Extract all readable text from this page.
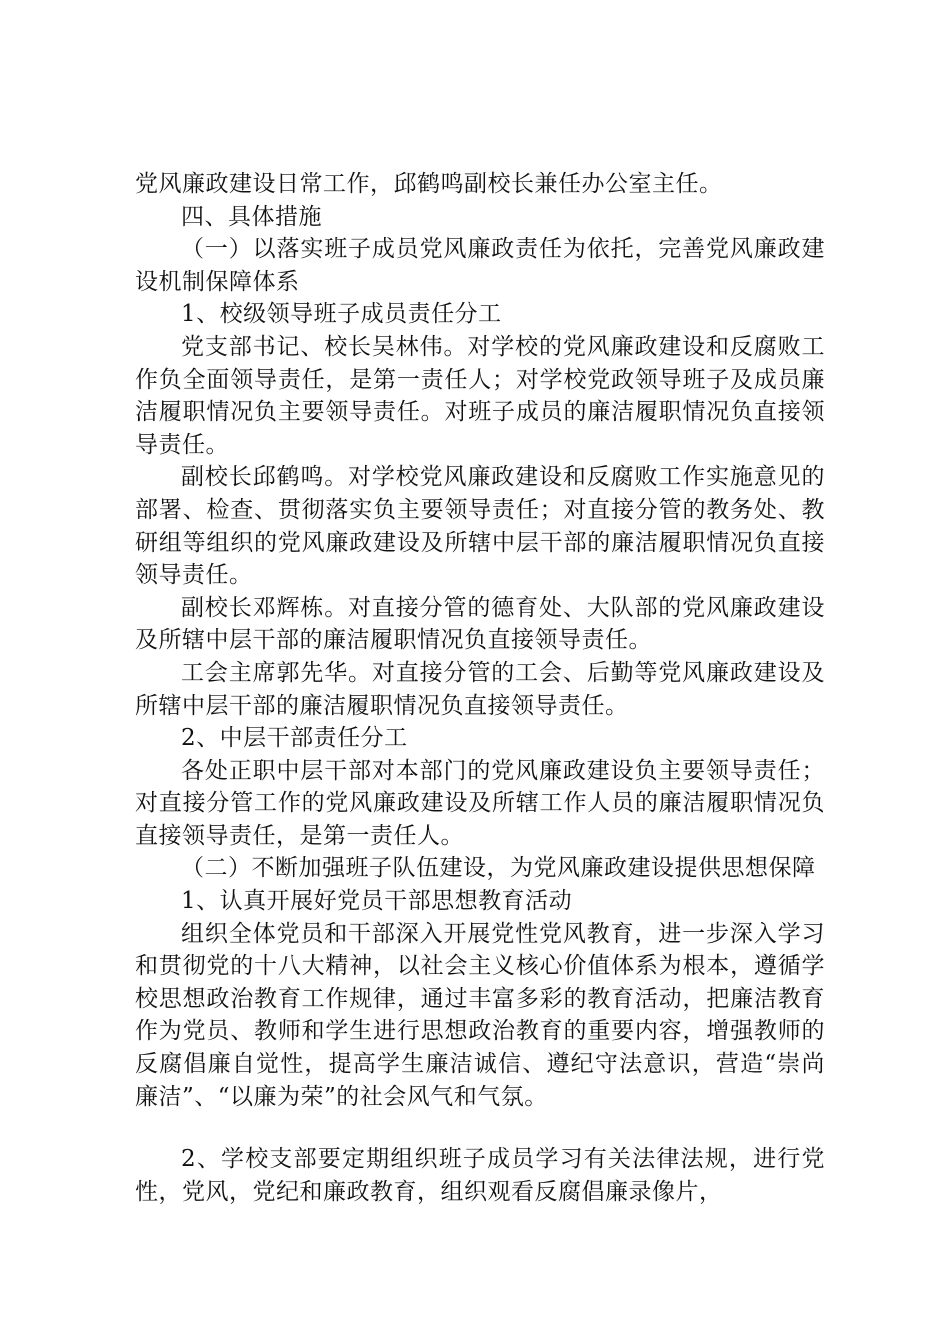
党风廉政建设日常工作，邱鹤鸣副校长兼任办公室主任。

四、具体措施

（一）以落实班子成员党风廉政责任为依托，完善党风廉政建设机制保障体系

1、校级领导班子成员责任分工

党支部书记、校长吴林伟。对学校的党风廉政建设和反腐败工作负全面领导责任，是第一责任人；对学校党政领导班子及成员廉洁履职情况负主要领导责任。对班子成员的廉洁履职情况负直接领导责任。

副校长邱鹤鸣。对学校党风廉政建设和反腐败工作实施意见的部署、检查、贯彻落实负主要领导责任；对直接分管的教务处、教研组等组织的党风廉政建设及所辖中层干部的廉洁履职情况负直接领导责任。

副校长邓辉栋。对直接分管的德育处、大队部的党风廉政建设及所辖中层干部的廉洁履职情况负直接领导责任。

工会主席郭先华。对直接分管的工会、后勤等党风廉政建设及所辖中层干部的廉洁履职情况负直接领导责任。

2、中层干部责任分工

各处正职中层干部对本部门的党风廉政建设负主要领导责任；对直接分管工作的党风廉政建设及所辖工作人员的廉洁履职情况负直接领导责任，是第一责任人。

（二）不断加强班子队伍建设，为党风廉政建设提供思想保障

1、认真开展好党员干部思想教育活动

组织全体党员和干部深入开展党性党风教育，进一步深入学习和贯彻党的十八大精神，以社会主义核心价值体系为根本，遵循学校思想政治教育工作规律，通过丰富多彩的教育活动，把廉洁教育作为党员、教师和学生进行思想政治教育的重要内容，增强教师的反腐倡廉自觉性，提高学生廉洁诚信、遵纪守法意识，营造“崇尚廉洁”、“以廉为荣”的社会风气和气氛。

2、学校支部要定期组织班子成员学习有关法律法规，进行党性，党风，党纪和廉政教育，组织观看反腐倡廉录像片，
